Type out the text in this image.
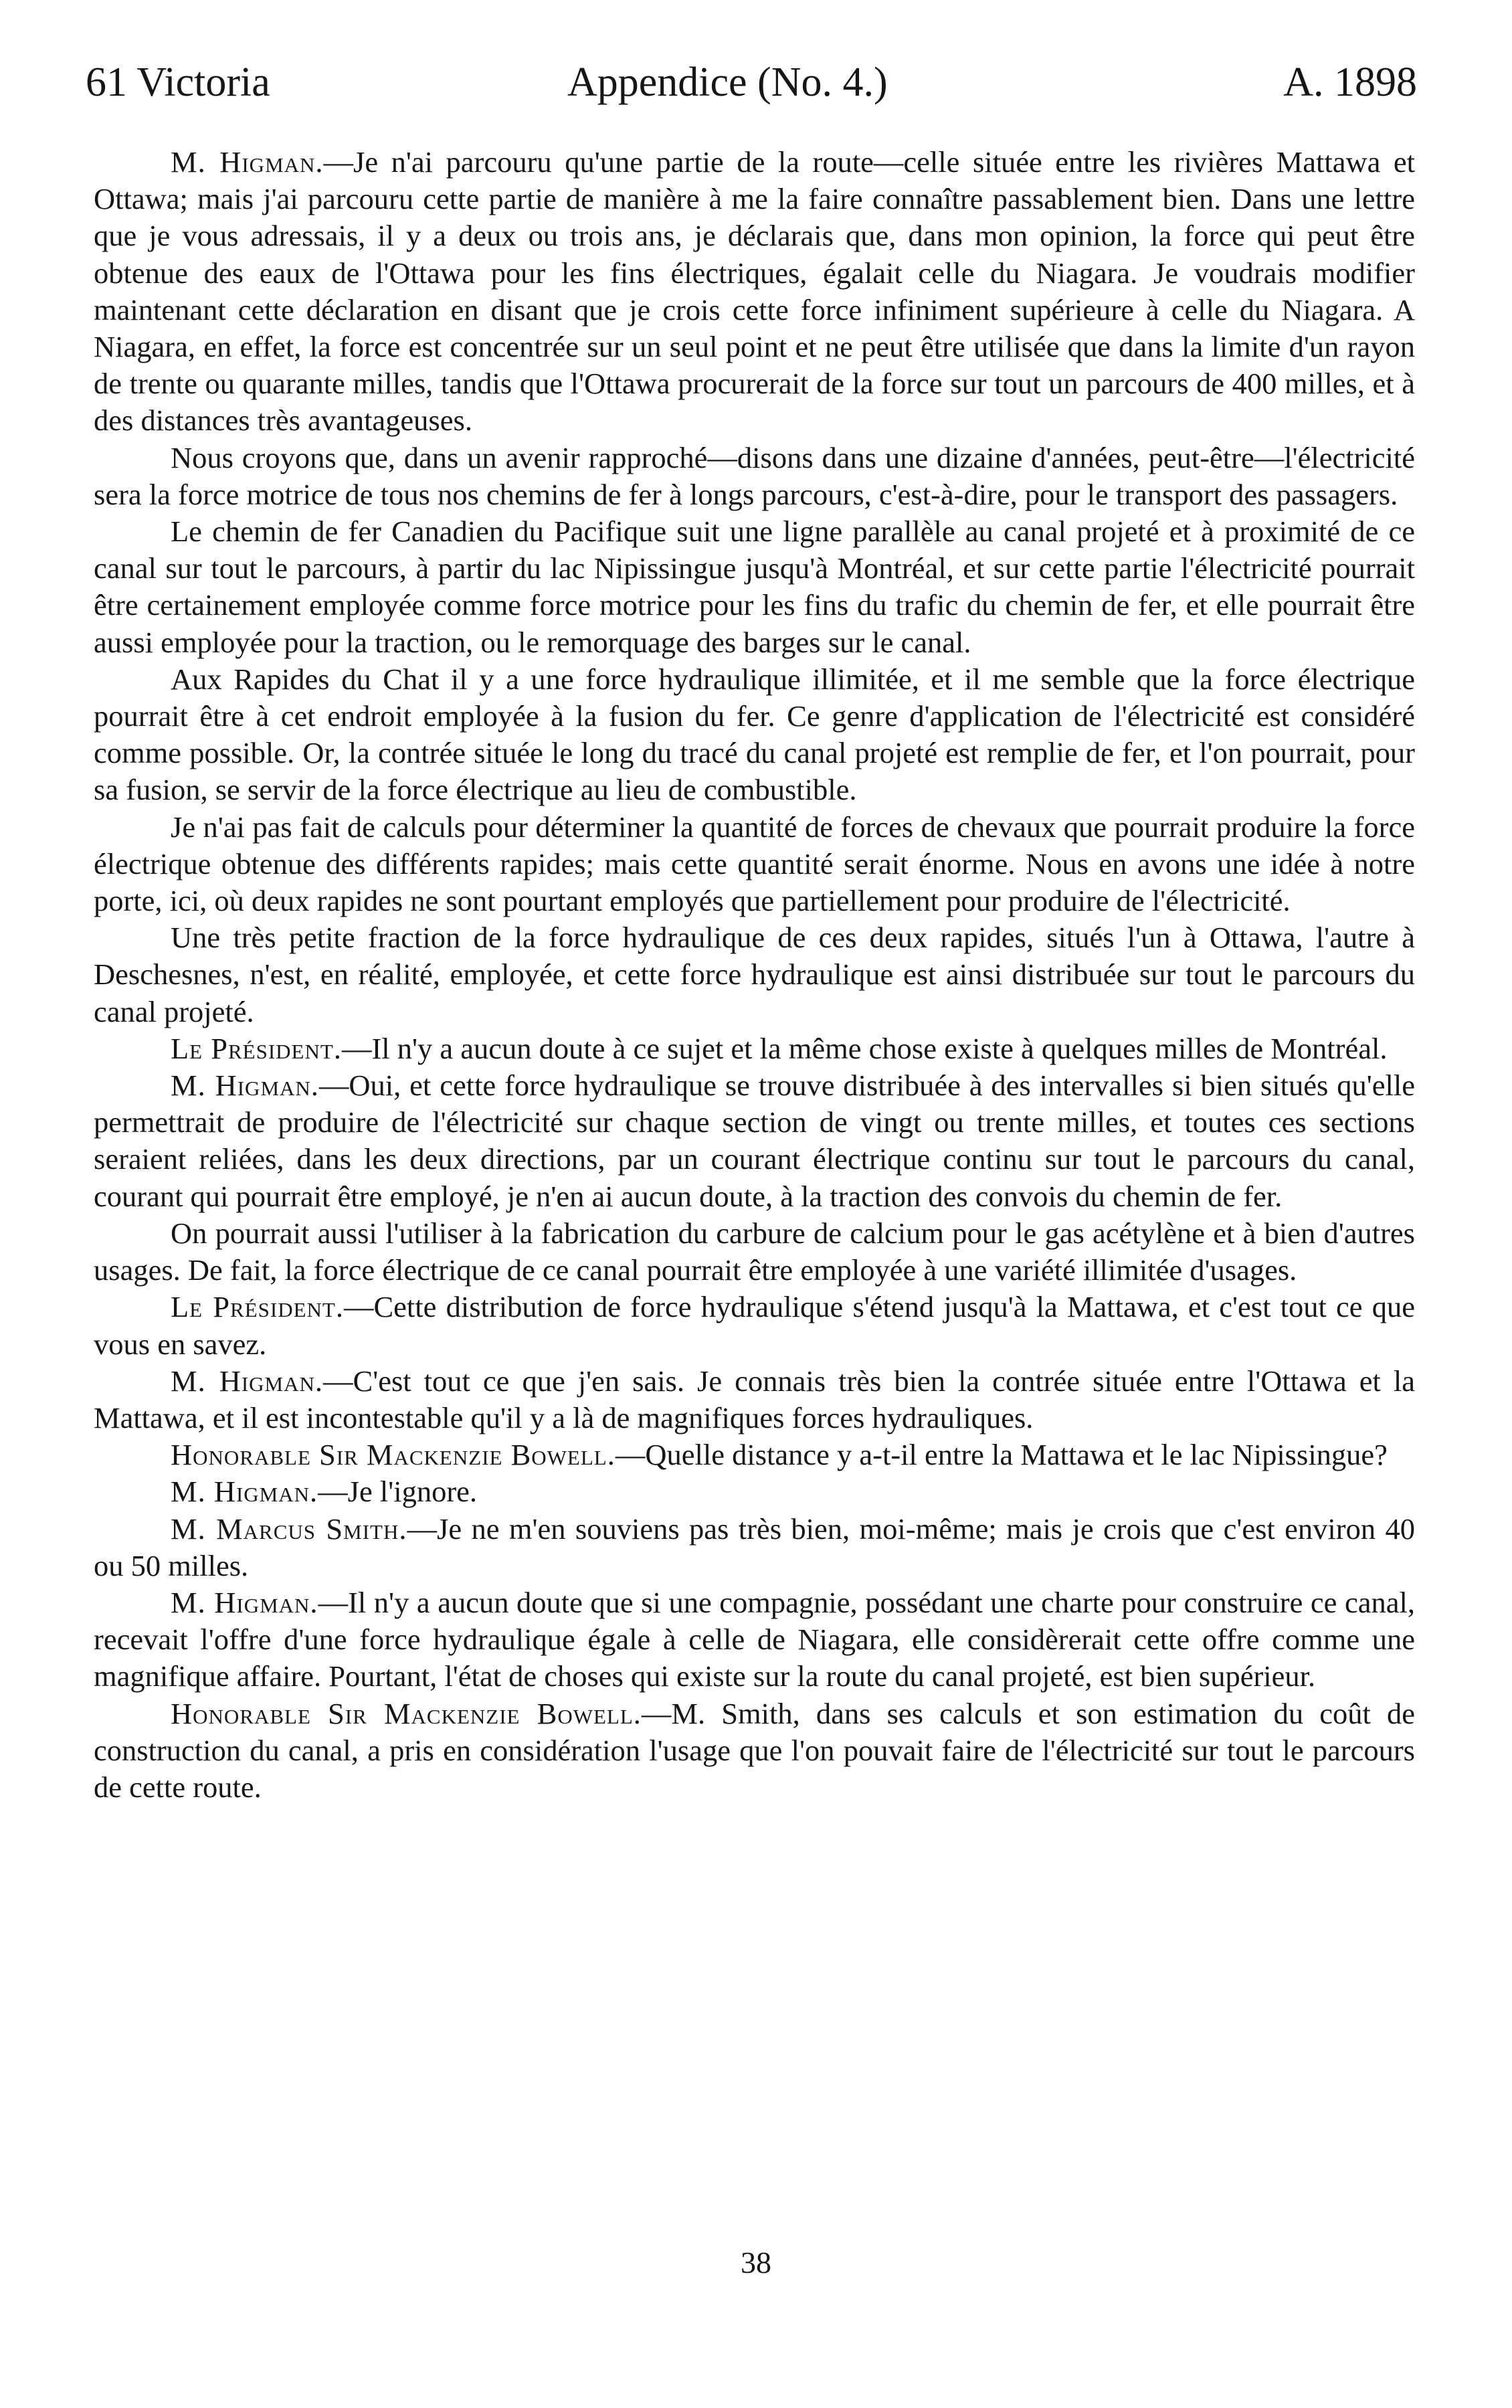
61 Victoria	Appendice (No. 4.)	A. 1898

M. Higman.—Je n'ai parcouru qu'une partie de la route—celle située entre les rivières Mattawa et Ottawa; mais j'ai parcouru cette partie de manière à me la faire connaître passablement bien. Dans une lettre que je vous adressais, il y a deux ou trois ans, je déclarais que, dans mon opinion, la force qui peut être obtenue des eaux de l'Ottawa pour les fins électriques, égalait celle du Niagara. Je voudrais modifier maintenant cette déclaration en disant que je crois cette force infiniment supérieure à celle du Niagara. A Niagara, en effet, la force est concentrée sur un seul point et ne peut être utilisée que dans la limite d'un rayon de trente ou quarante milles, tandis que l'Ottawa procurerait de la force sur tout un parcours de 400 milles, et à des distances très avantageuses.

Nous croyons que, dans un avenir rapproché—disons dans une dizaine d'années, peut-être—l'électricité sera la force motrice de tous nos chemins de fer à longs parcours, c'est-à-dire, pour le transport des passagers.

Le chemin de fer Canadien du Pacifique suit une ligne parallèle au canal projeté et à proximité de ce canal sur tout le parcours, à partir du lac Nipissingue jusqu'à Montréal, et sur cette partie l'électricité pourrait être certainement employée comme force motrice pour les fins du trafic du chemin de fer, et elle pourrait être aussi employée pour la traction, ou le remorquage des barges sur le canal.

Aux Rapides du Chat il y a une force hydraulique illimitée, et il me semble que la force électrique pourrait être à cet endroit employée à la fusion du fer. Ce genre d'application de l'électricité est considéré comme possible. Or, la contrée située le long du tracé du canal projeté est remplie de fer, et l'on pourrait, pour sa fusion, se servir de la force électrique au lieu de combustible.

Je n'ai pas fait de calculs pour déterminer la quantité de forces de chevaux que pourrait produire la force électrique obtenue des différents rapides; mais cette quantité serait énorme. Nous en avons une idée à notre porte, ici, où deux rapides ne sont pourtant employés que partiellement pour produire de l'électricité.

Une très petite fraction de la force hydraulique de ces deux rapides, situés l'un à Ottawa, l'autre à Deschesnes, n'est, en réalité, employée, et cette force hydraulique est ainsi distribuée sur tout le parcours du canal projeté.

Le Président.—Il n'y a aucun doute à ce sujet et la même chose existe à quelques milles de Montréal.

M. Higman.—Oui, et cette force hydraulique se trouve distribuée à des intervalles si bien situés qu'elle permettrait de produire de l'électricité sur chaque section de vingt ou trente milles, et toutes ces sections seraient reliées, dans les deux directions, par un courant électrique continu sur tout le parcours du canal, courant qui pourrait être employé, je n'en ai aucun doute, à la traction des convois du chemin de fer.

On pourrait aussi l'utiliser à la fabrication du carbure de calcium pour le gas acétylène et à bien d'autres usages. De fait, la force électrique de ce canal pourrait être employée à une variété illimitée d'usages.

Le Président.—Cette distribution de force hydraulique s'étend jusqu'à la Mattawa, et c'est tout ce que vous en savez.

M. Higman.—C'est tout ce que j'en sais. Je connais très bien la contrée située entre l'Ottawa et la Mattawa, et il est incontestable qu'il y a là de magnifiques forces hydrauliques.

Honorable Sir Mackenzie Bowell.—Quelle distance y a-t-il entre la Mattawa et le lac Nipissingue?

M. Higman.—Je l'ignore.

M. Marcus Smith.—Je ne m'en souviens pas très bien, moi-même; mais je crois que c'est environ 40 ou 50 milles.

M. Higman.—Il n'y a aucun doute que si une compagnie, possédant une charte pour construire ce canal, recevait l'offre d'une force hydraulique égale à celle de Niagara, elle considèrerait cette offre comme une magnifique affaire. Pourtant, l'état de choses qui existe sur la route du canal projeté, est bien supérieur.

Honorable Sir Mackenzie Bowell.—M. Smith, dans ses calculs et son estimation du coût de construction du canal, a pris en considération l'usage que l'on pouvait faire de l'électricité sur tout le parcours de cette route.

38
